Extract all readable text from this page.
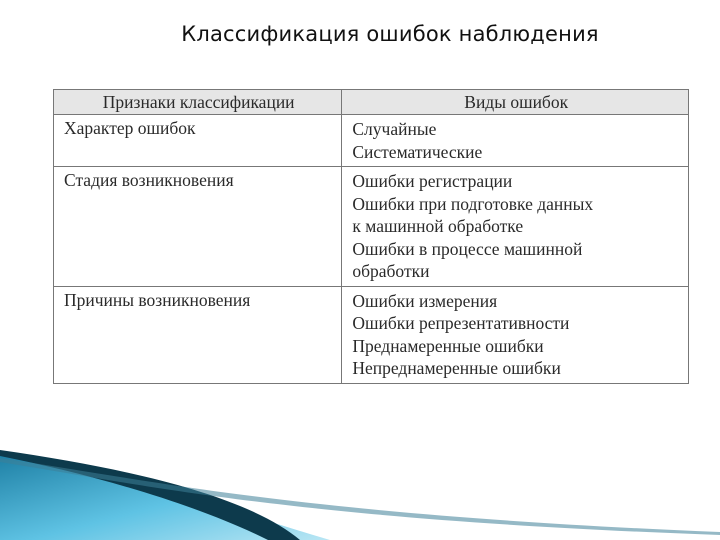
Классификация ошибок наблюдения
Признаки классификации	Виды ошибок
Характер ошибок	Случайные
Систематические

Стадия возникновения	Ошибки регистрации
Ошибки при подготовке данных
к машинной обработке
Ошибки в процессе машинной
обработки

Причины возникновения	Ошибки измерения
Ошибки репрезентативности
Преднамеренные ошибки
Непреднамеренные ошибки
